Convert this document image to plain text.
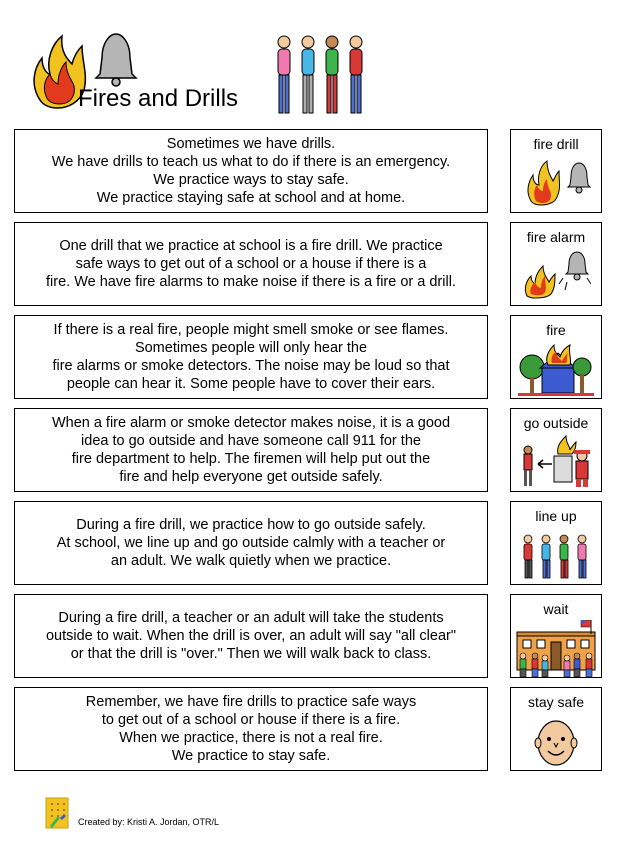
Fires and Drills

Sometimes we have drills.
We have drills to teach us what to do if there is an emergency.
We practice ways to stay safe.
We practice staying safe at school and at home.

fire drill

One drill that we practice at school is a fire drill. We practice
safe ways to get out of a school or a house if there is a
fire. We have fire alarms to make noise if there is a fire or a drill.

fire alarm

If there is a real fire, people might smell smoke or see flames.
Sometimes people will only hear the
fire alarms or smoke detectors. The noise may be loud so that
people can hear it. Some people have to cover their ears.

fire

When a fire alarm or smoke detector makes noise, it is a good
idea to go outside and have someone call 911 for the
fire department to help. The firemen will help put out the
fire and help everyone get outside safely.

go outside

During a fire drill, we practice how to go outside safely.
At school, we line up and go outside calmly with a teacher or
an adult. We walk quietly when we practice.

line up

During a fire drill, a teacher or an adult will take the students
outside to wait. When the drill is over, an adult will say "all clear"
or that the drill is "over." Then we will walk back to class.

wait

Remember, we have fire drills to practice safe ways
to get out of a school or house if there is a fire.
When we practice, there is not a real fire.
We practice to stay safe.

stay safe
Created by: Kristi A. Jordan, OTR/L
